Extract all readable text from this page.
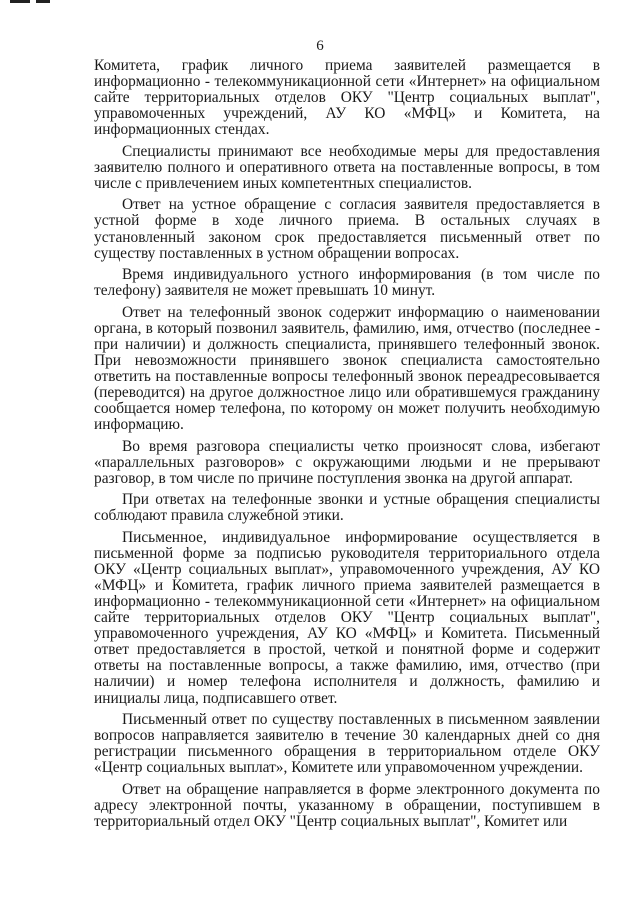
6

Комитета, график личного приема заявителей размещается в информационно - телекоммуникационной сети «Интернет» на официальном сайте территориальных отделов ОКУ "Центр социальных выплат", управомоченных учреждений, АУ КО «МФЦ» и Комитета, на информационных стендах.

Специалисты принимают все необходимые меры для предоставления заявителю полного и оперативного ответа на поставленные вопросы, в том числе с привлечением иных компетентных специалистов.

Ответ на устное обращение с согласия заявителя предоставляется в устной форме в ходе личного приема. В остальных случаях в установленный законом срок предоставляется письменный ответ по существу поставленных в устном обращении вопросах.

Время индивидуального устного информирования (в том числе по телефону) заявителя не может превышать 10 минут.

Ответ на телефонный звонок содержит информацию о наименовании органа, в который позвонил заявитель, фамилию, имя, отчество (последнее - при наличии) и должность специалиста, принявшего телефонный звонок. При невозможности принявшего звонок специалиста самостоятельно ответить на поставленные вопросы телефонный звонок переадресовывается (переводится) на другое должностное лицо или обратившемуся гражданину сообщается номер телефона, по которому он может получить необходимую информацию.

Во время разговора специалисты четко произносят слова, избегают «параллельных разговоров» с окружающими людьми и не прерывают разговор, в том числе по причине поступления звонка на другой аппарат.

При ответах на телефонные звонки и устные обращения специалисты соблюдают правила служебной этики.

Письменное, индивидуальное информирование осуществляется в письменной форме за подписью руководителя территориального отдела ОКУ «Центр социальных выплат», управомоченного учреждения, АУ КО «МФЦ» и Комитета, график личного приема заявителей размещается в информационно - телекоммуникационной сети «Интернет» на официальном сайте территориальных отделов ОКУ "Центр социальных выплат", управомоченного учреждения, АУ КО «МФЦ» и Комитета. Письменный ответ предоставляется в простой, четкой и понятной форме и содержит ответы на поставленные вопросы, а также фамилию, имя, отчество (при наличии) и номер телефона исполнителя и должность, фамилию и инициалы лица, подписавшего ответ.

Письменный ответ по существу поставленных в письменном заявлении вопросов направляется заявителю в течение 30 календарных дней со дня регистрации письменного обращения в территориальном отделе ОКУ «Центр социальных выплат», Комитете или управомоченном учреждении.

Ответ на обращение направляется в форме электронного документа по адресу электронной почты, указанному в обращении, поступившем в территориальный отдел ОКУ "Центр социальных выплат", Комитет или
